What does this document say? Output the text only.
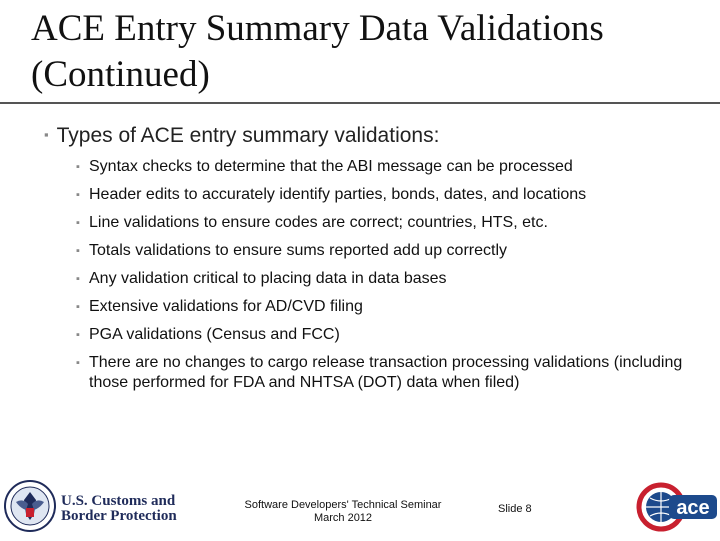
ACE Entry Summary Data Validations
(Continued)
▪ Types of ACE entry summary validations:
▪ Syntax checks to determine that the ABI message can be processed
▪ Header edits to accurately identify parties, bonds, dates, and locations
▪ Line validations to ensure codes are correct; countries, HTS, etc.
▪ Totals validations to ensure sums reported add up correctly
▪ Any validation critical to placing data in data bases
▪ Extensive validations for AD/CVD filing
▪ PGA validations (Census and FCC)
▪ There are no changes to cargo release transaction processing validations (including those performed for FDA and NHTSA (DOT) data when filed)
U.S. Customs and
Border Protection
Software Developers' Technical Seminar
March 2012
Slide 8	ace
